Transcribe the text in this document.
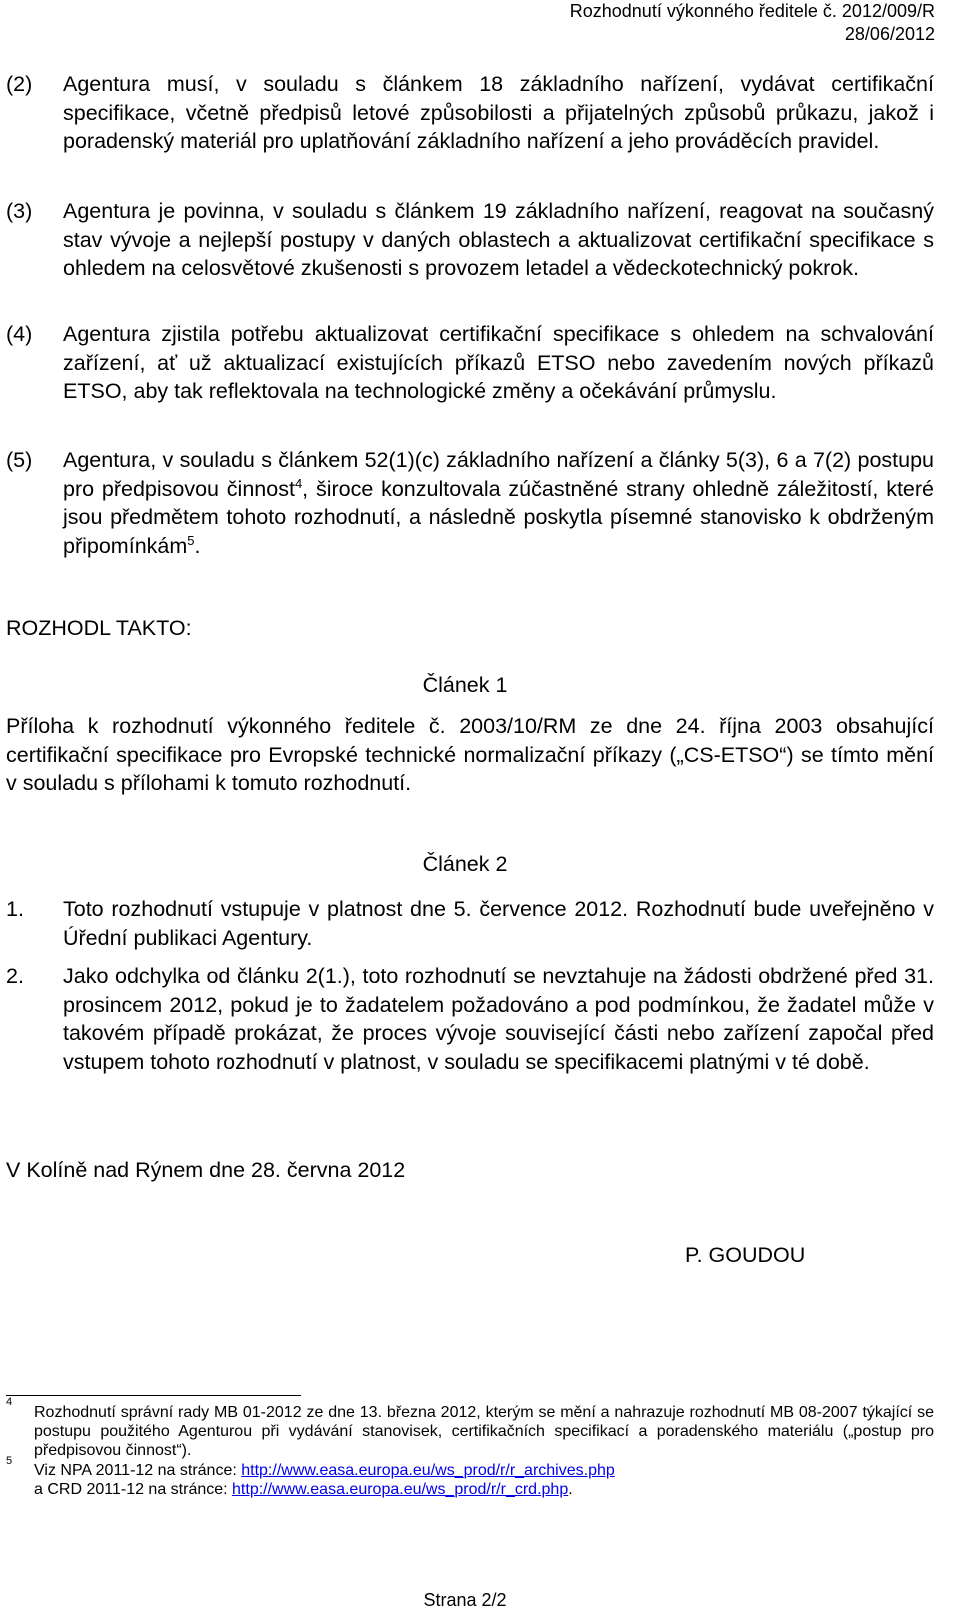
Rozhodnutí výkonného ředitele č. 2012/009/R
28/06/2012
(2) Agentura musí, v souladu s článkem 18 základního nařízení, vydávat certifikační specifikace, včetně předpisů letové způsobilosti a přijatelných způsobů průkazu, jakož i poradenský materiál pro uplatňování základního nařízení a jeho prováděcích pravidel.
(3) Agentura je povinna, v souladu s článkem 19 základního nařízení, reagovat na současný stav vývoje a nejlepší postupy v daných oblastech a aktualizovat certifikační specifikace s ohledem na celosvětové zkušenosti s provozem letadel a vědeckotechnický pokrok.
(4) Agentura zjistila potřebu aktualizovat certifikační specifikace s ohledem na schvalování zařízení, ať už aktualizací existujících příkazů ETSO nebo zavedením nových příkazů ETSO, aby tak reflektovala na technologické změny a očekávání průmyslu.
(5) Agentura, v souladu s článkem 52(1)(c) základního nařízení a články 5(3), 6 a 7(2) postupu pro předpisovou činnost$^4$, široce konzultovala zúčastněné strany ohledně záležitostí, které jsou předmětem tohoto rozhodnutí, a následně poskytla písemné stanovisko k obdrženým připomínkám$^5$.
ROZHODL TAKTO:
Článek 1
Příloha k rozhodnutí výkonného ředitele č. 2003/10/RM ze dne 24. října 2003 obsahující certifikační specifikace pro Evropské technické normalizační příkazy („CS-ETSO“) se tímto mění v souladu s přílohami k tomuto rozhodnutí.
Článek 2
1. Toto rozhodnutí vstupuje v platnost dne 5. července 2012. Rozhodnutí bude uveřejněno v Úřední publikaci Agentury.
2. Jako odchylka od článku 2(1.), toto rozhodnutí se nevztahuje na žádosti obdržené před 31. prosincem 2012, pokud je to žadatelem požadováno a pod podmínkou, že žadatel může v takovém případě prokázat, že proces vývoje související části nebo zařízení započal před vstupem tohoto rozhodnutí v platnost, v souladu se specifikacemi platnými v té době.
V Kolíně nad Rýnem dne 28. června 2012
P. GOUDOU
4
Rozhodnutí správní rady MB 01-2012 ze dne 13. března 2012, kterým se mění a nahrazuje rozhodnutí MB 08-2007 týkající se postupu použitého Agenturou při vydávání stanovisek, certifikačních specifikací a poradenského materiálu („postup pro předpisovou činnost“).
5
Viz NPA 2011-12 na stránce: http://www.easa.europa.eu/ws_prod/r/r_archives.php
a CRD 2011-12 na stránce: http://www.easa.europa.eu/ws_prod/r/r_crd.php.
Strana 2/2
